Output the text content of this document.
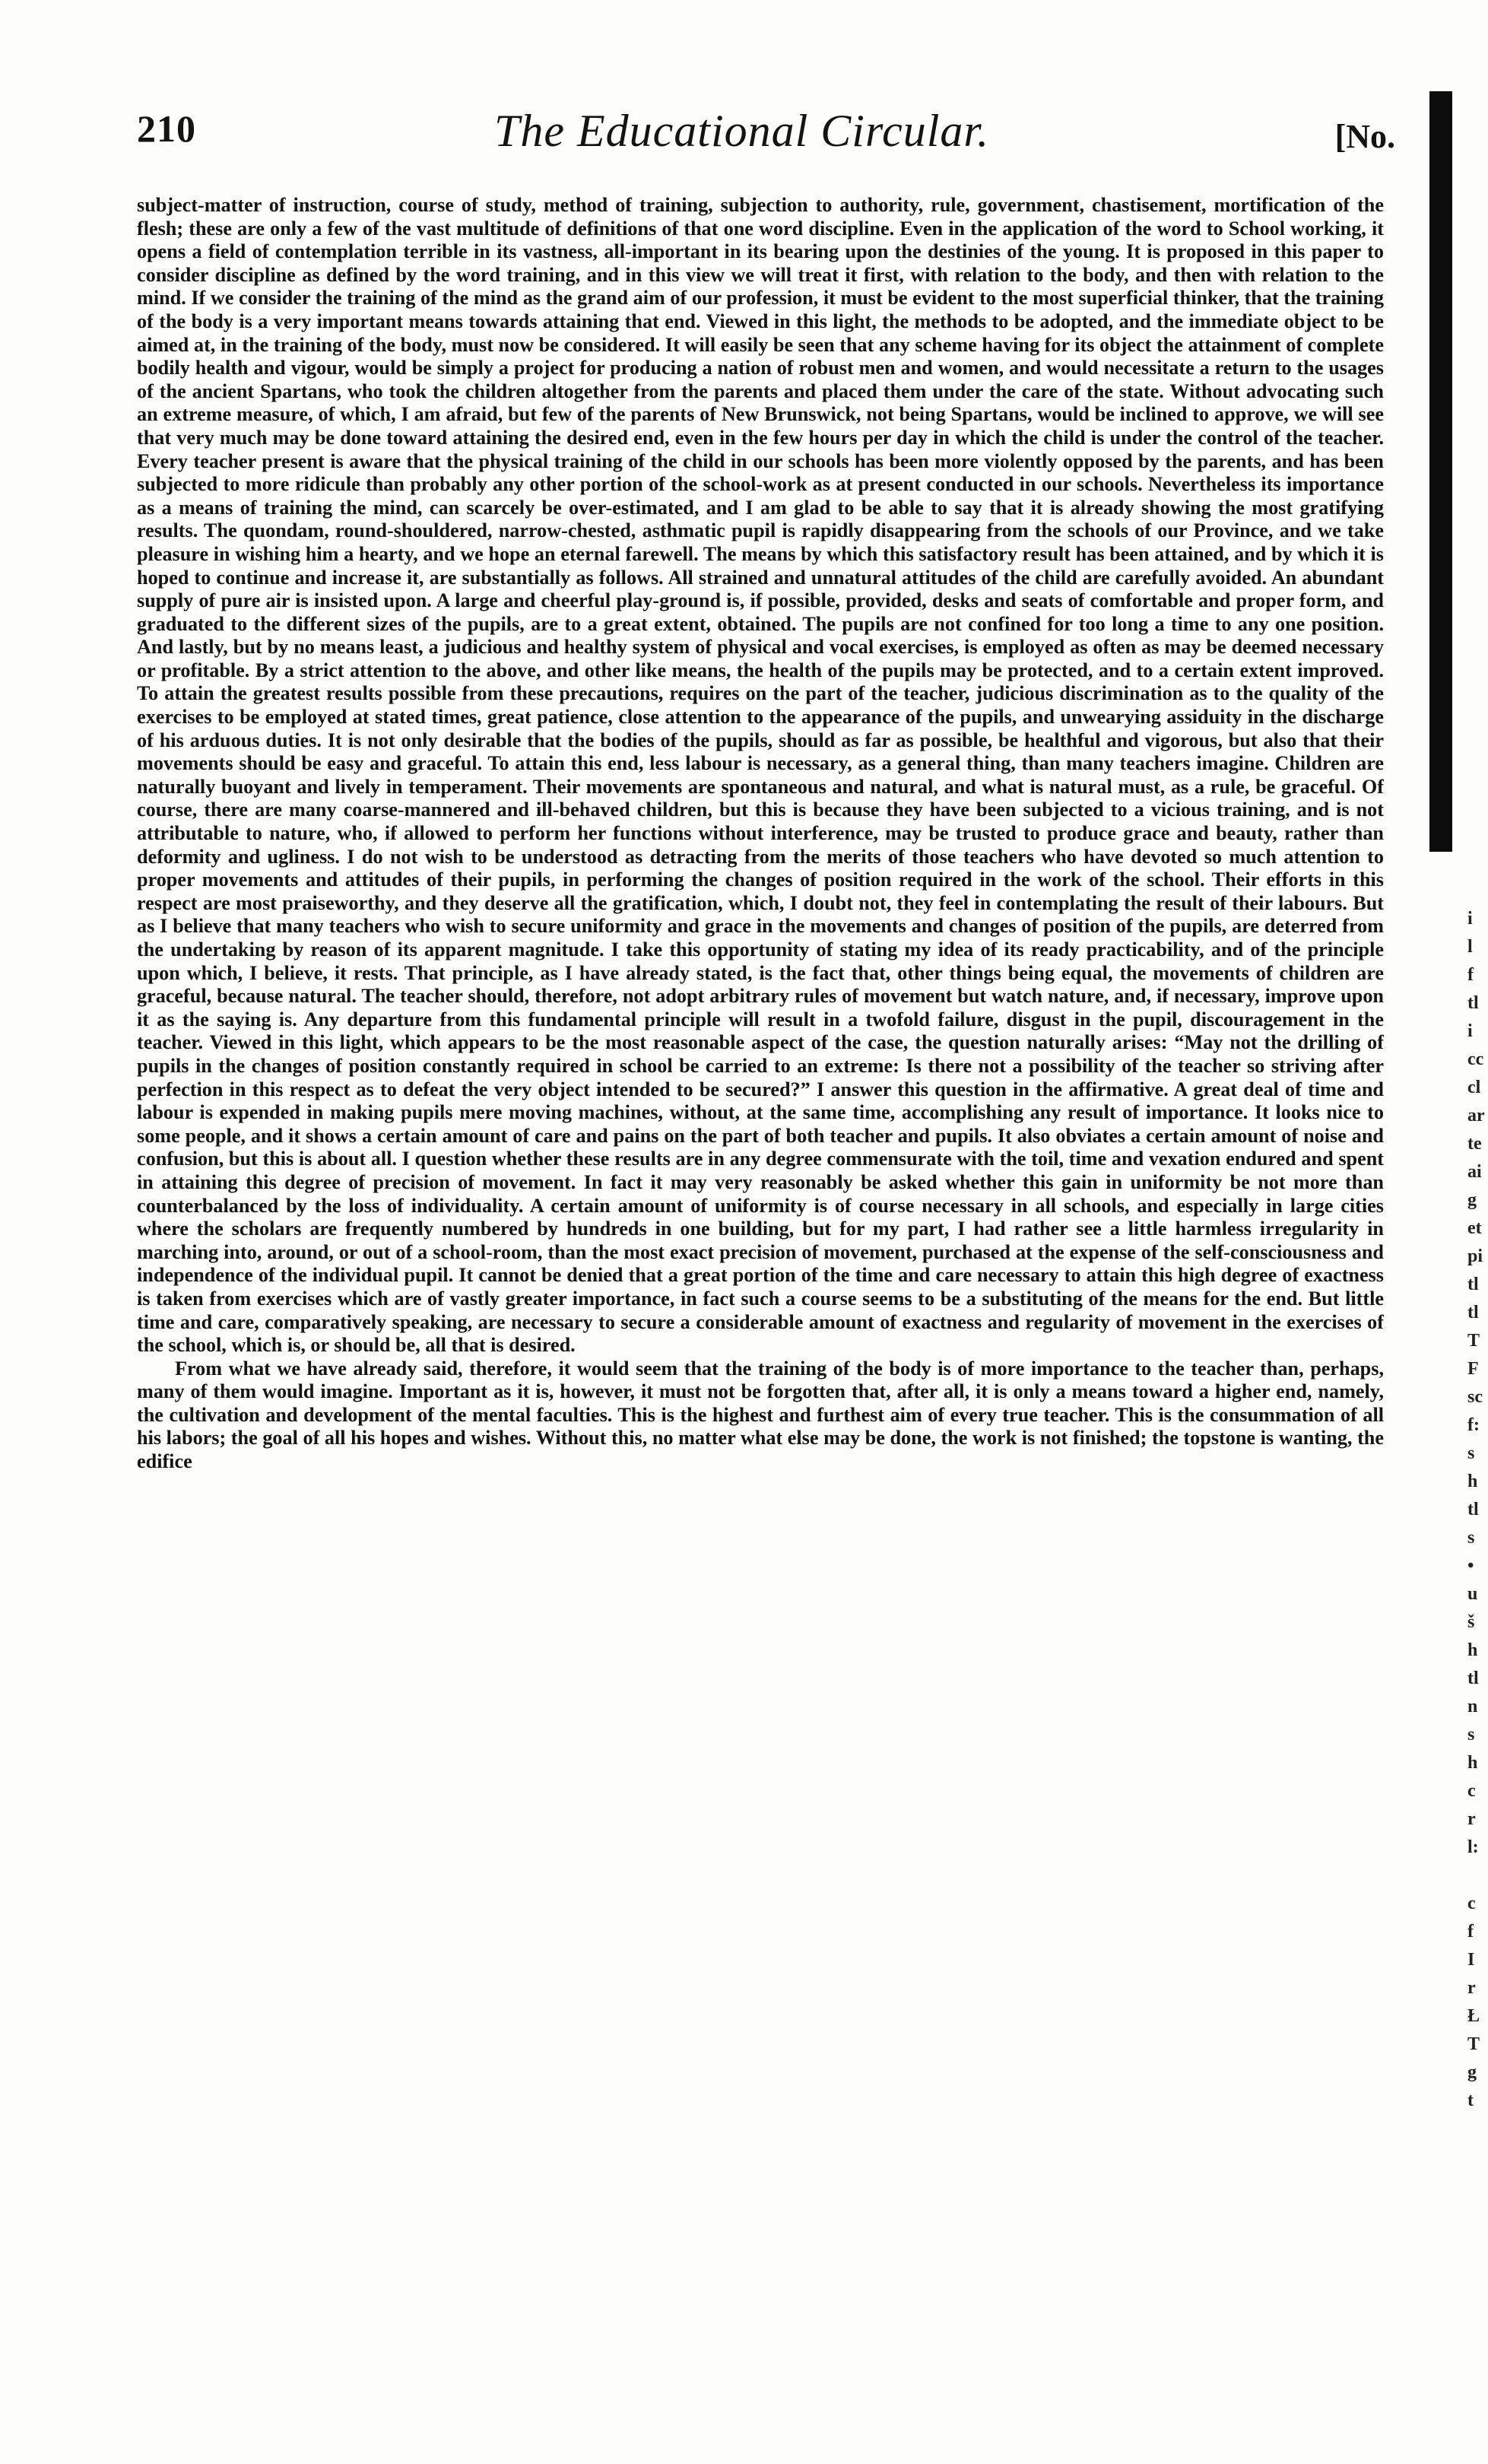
210	The Educational Circular.	[No.

subject-matter of instruction, course of study, method of training, subjection to authority, rule, government, chastisement, mortification of the flesh; these are only a few of the vast multitude of definitions of that one word discipline. Even in the application of the word to School working, it opens a field of contemplation terrible in its vastness, all-important in its bearing upon the destinies of the young. It is proposed in this paper to consider discipline as defined by the word training, and in this view we will treat it first, with relation to the body, and then with relation to the mind. If we consider the training of the mind as the grand aim of our profession, it must be evident to the most superficial thinker, that the training of the body is a very important means towards attaining that end. Viewed in this light, the methods to be adopted, and the immediate object to be aimed at, in the training of the body, must now be considered. It will easily be seen that any scheme having for its object the attainment of complete bodily health and vigour, would be simply a project for producing a nation of robust men and women, and would necessitate a return to the usages of the ancient Spartans, who took the children altogether from the parents and placed them under the care of the state. Without advocating such an extreme measure, of which, I am afraid, but few of the parents of New Brunswick, not being Spartans, would be inclined to approve, we will see that very much may be done toward attaining the desired end, even in the few hours per day in which the child is under the control of the teacher. Every teacher present is aware that the physical training of the child in our schools has been more violently opposed by the parents, and has been subjected to more ridicule than probably any other portion of the school-work as at present conducted in our schools. Nevertheless its importance as a means of training the mind, can scarcely be over-estimated, and I am glad to be able to say that it is already showing the most gratifying results. The quondam, round-shouldered, narrow-chested, asthmatic pupil is rapidly disappearing from the schools of our Province, and we take pleasure in wishing him a hearty, and we hope an eternal farewell. The means by which this satisfactory result has been attained, and by which it is hoped to continue and increase it, are substantially as follows. All strained and unnatural attitudes of the child are carefully avoided. An abundant supply of pure air is insisted upon. A large and cheerful play-ground is, if possible, provided, desks and seats of comfortable and proper form, and graduated to the different sizes of the pupils, are to a great extent, obtained. The pupils are not confined for too long a time to any one position. And lastly, but by no means least, a judicious and healthy system of physical and vocal exercises, is employed as often as may be deemed necessary or profitable. By a strict attention to the above, and other like means, the health of the pupils may be protected, and to a certain extent improved. To attain the greatest results possible from these precautions, requires on the part of the teacher, judicious discrimination as to the quality of the exercises to be employed at stated times, great patience, close attention to the appearance of the pupils, and unwearying assiduity in the discharge of his arduous duties. It is not only desirable that the bodies of the pupils, should as far as possible, be healthful and vigorous, but also that their movements should be easy and graceful. To attain this end, less labour is necessary, as a general thing, than many teachers imagine. Children are naturally buoyant and lively in temperament. Their movements are spontaneous and natural, and what is natural must, as a rule, be graceful. Of course, there are many coarse-mannered and ill-behaved children, but this is because they have been subjected to a vicious training, and is not attributable to nature, who, if allowed to perform her functions without interference, may be trusted to produce grace and beauty, rather than deformity and ugliness. I do not wish to be understood as detracting from the merits of those teachers who have devoted so much attention to proper movements and attitudes of their pupils, in performing the changes of position required in the work of the school. Their efforts in this respect are most praiseworthy, and they deserve all the gratification, which, I doubt not, they feel in contemplating the result of their labours. But as I believe that many teachers who wish to secure uniformity and grace in the movements and changes of position of the pupils, are deterred from the undertaking by reason of its apparent magnitude. I take this opportunity of stating my idea of its ready practicability, and of the principle upon which, I believe, it rests. That principle, as I have already stated, is the fact that, other things being equal, the movements of children are graceful, because natural. The teacher should, therefore, not adopt arbitrary rules of movement but watch nature, and, if necessary, improve upon it as the saying is. Any departure from this fundamental principle will result in a twofold failure, disgust in the pupil, discouragement in the teacher. Viewed in this light, which appears to be the most reasonable aspect of the case, the question naturally arises: “May not the drilling of pupils in the changes of position constantly required in school be carried to an extreme: Is there not a possibility of the teacher so striving after perfection in this respect as to defeat the very object intended to be secured?” I answer this question in the affirmative. A great deal of time and labour is expended in making pupils mere moving machines, without, at the same time, accomplishing any result of importance. It looks nice to some people, and it shows a certain amount of care and pains on the part of both teacher and pupils. It also obviates a certain amount of noise and confusion, but this is about all. I question whether these results are in any degree commensurate with the toil, time and vexation endured and spent in attaining this degree of precision of movement. In fact it may very reasonably be asked whether this gain in uniformity be not more than counterbalanced by the loss of individuality. A certain amount of uniformity is of course necessary in all schools, and especially in large cities where the scholars are frequently numbered by hundreds in one building, but for my part, I had rather see a little harmless irregularity in marching into, around, or out of a school-room, than the most exact precision of movement, purchased at the expense of the self-consciousness and independence of the individual pupil. It cannot be denied that a great portion of the time and care necessary to attain this high degree of exactness is taken from exercises which are of vastly greater importance, in fact such a course seems to be a substituting of the means for the end. But little time and care, comparatively speaking, are necessary to secure a considerable amount of exactness and regularity of movement in the exercises of the school, which is, or should be, all that is desired.

From what we have already said, therefore, it would seem that the training of the body is of more importance to the teacher than, perhaps, many of them would imagine. Important as it is, however, it must not be forgotten that, after all, it is only a means toward a higher end, namely, the cultivation and development of the mental faculties. This is the highest and furthest aim of every true teacher. This is the consummation of all his labors; the goal of all his hopes and wishes. Without this, no matter what else may be done, the work is not finished; the topstone is wanting, the edifice

i
l
f
tl
i
cc
cl
ar
te
ai
g
et
pi
tl
tl
T
F
sc
f:
s
h
tl
s
•
u
š
h
tl
n
s
h
c
r
l:
c
f
I
r
Ł
T
g
t
